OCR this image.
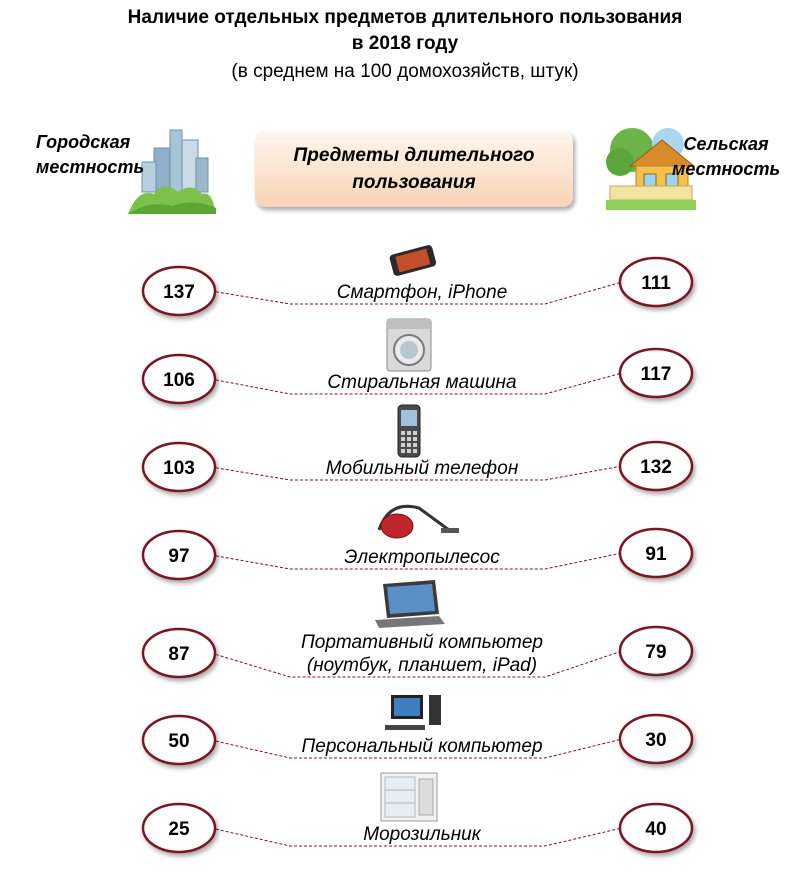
Наличие отдельных предметов длительного пользования
в 2018 году
(в среднем на 100 домохозяйств, штук)
Городская
местность
Сельская
местность
Предметы длительного пользования
Смартфон, iPhone
137	111
Стиральная машина
106	117
Мобильный телефон
103	132
Электропылесос
97	91
Портативный компьютер
(ноутбук, планшет, iPad)
87	79
Персональный компьютер
50	30
Морозильник
25	40
